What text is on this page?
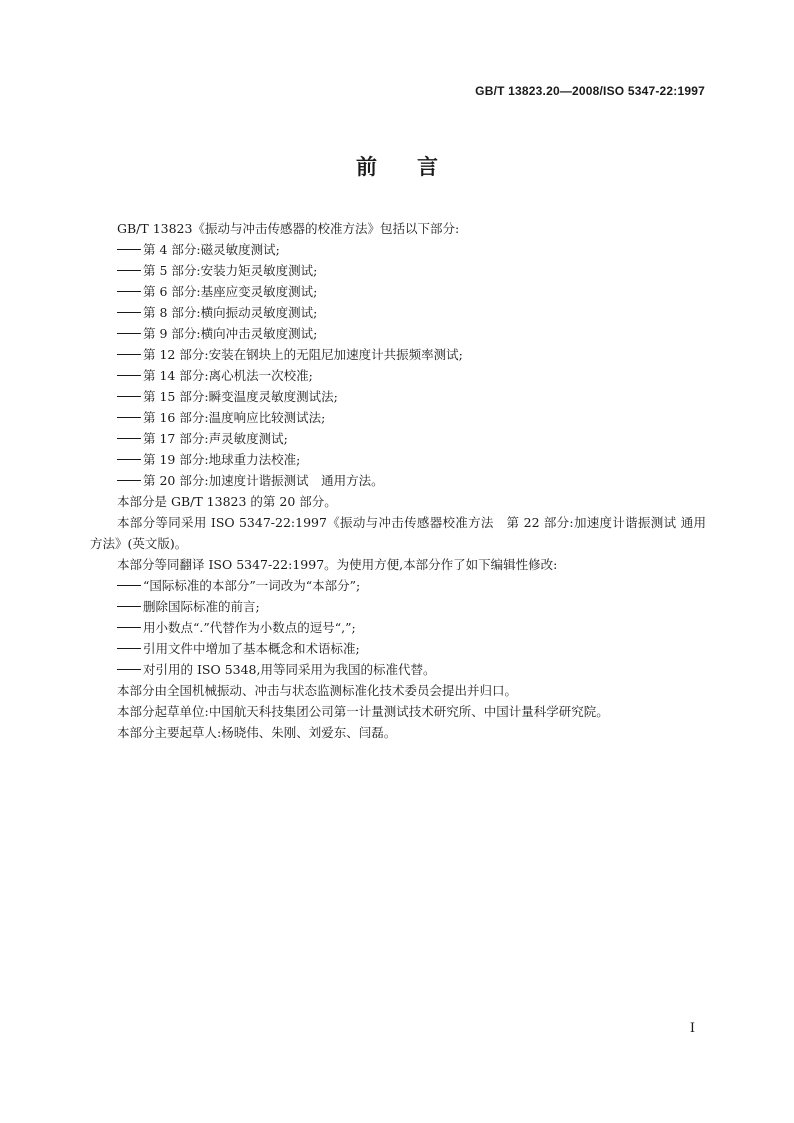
GB/T 13823.20—2008/ISO 5347-22:1997
前言

GB/T 13823《振动与冲击传感器的校准方法》包括以下部分:

第 4 部分:磁灵敏度测试;

第 5 部分:安装力矩灵敏度测试;

第 6 部分:基座应变灵敏度测试;

第 8 部分:横向振动灵敏度测试;

第 9 部分:横向冲击灵敏度测试;

第 12 部分:安装在钢块上的无阻尼加速度计共振频率测试;

第 14 部分:离心机法一次校准;

第 15 部分:瞬变温度灵敏度测试法;

第 16 部分:温度响应比较测试法;

第 17 部分:声灵敏度测试;

第 19 部分:地球重力法校准;

第 20 部分:加速度计谐振测试　通用方法。

本部分是 GB/T 13823 的第 20 部分。

本部分等同采用 ISO 5347-22:1997《振动与冲击传感器校准方法　第 22 部分:加速度计谐振测试 通用方法》(英文版)。

本部分等同翻译 ISO 5347-22:1997。为使用方便,本部分作了如下编辑性修改:

“国际标准的本部分”一词改为“本部分”;

删除国际标准的前言;

用小数点“.”代替作为小数点的逗号“,”;

引用文件中增加了基本概念和术语标准;

对引用的 ISO 5348,用等同采用为我国的标准代替。

本部分由全国机械振动、冲击与状态监测标准化技术委员会提出并归口。

本部分起草单位:中国航天科技集团公司第一计量测试技术研究所、中国计量科学研究院。

本部分主要起草人:杨晓伟、朱刚、刘爱东、闫磊。

I
